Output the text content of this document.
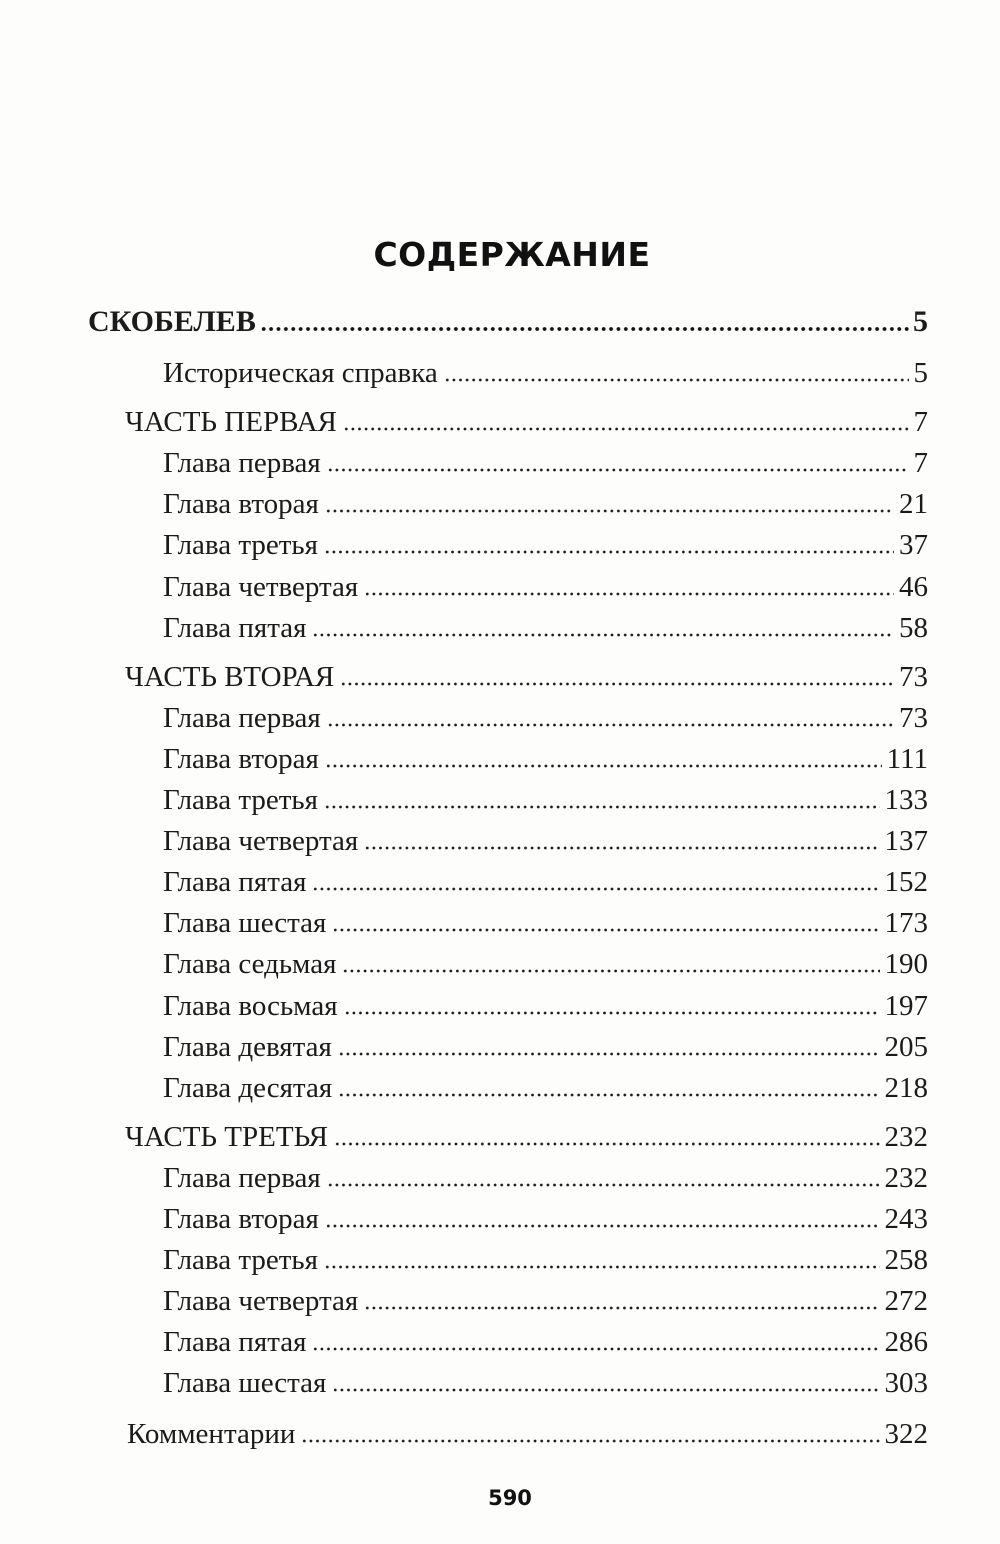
СОДЕРЖАНИЕ
СКОБЕЛЕВ	5
Историческая справка	5
ЧАСТЬ ПЕРВАЯ	7
Глава первая	7
Глава вторая	21
Глава третья	37
Глава четвертая	46
Глава пятая	58
ЧАСТЬ ВТОРАЯ	73
Глава первая	73
Глава вторая	111
Глава третья	133
Глава четвертая	137
Глава пятая	152
Глава шестая	173
Глава седьмая	190
Глава восьмая	197
Глава девятая	205
Глава десятая	218
ЧАСТЬ ТРЕТЬЯ	232
Глава первая	232
Глава вторая	243
Глава третья	258
Глава четвертая	272
Глава пятая	286
Глава шестая	303
Комментарии	322
590
